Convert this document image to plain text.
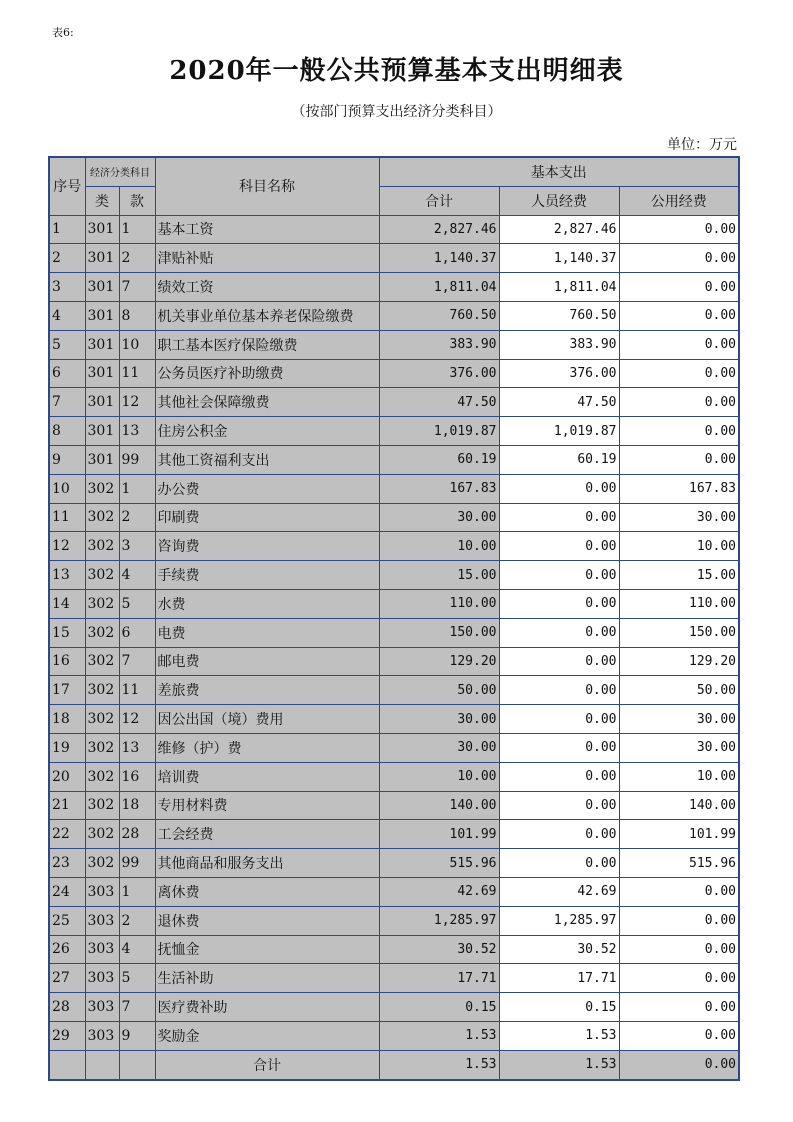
表6:
2020年一般公共预算基本支出明细表
（按部门预算支出经济分类科目）
单位：万元
序号	经济分类科目		科目名称	基本支出		
	类	款		合计	人员经费	公用经费
1	301	1	基本工资	2,827.46	2,827.46	0.00
2	301	2	津贴补贴	1,140.37	1,140.37	0.00
3	301	7	绩效工资	1,811.04	1,811.04	0.00
4	301	8	机关事业单位基本养老保险缴费	760.50	760.50	0.00
5	301	10	职工基本医疗保险缴费	383.90	383.90	0.00
6	301	11	公务员医疗补助缴费	376.00	376.00	0.00
7	301	12	其他社会保障缴费	47.50	47.50	0.00
8	301	13	住房公积金	1,019.87	1,019.87	0.00
9	301	99	其他工资福利支出	60.19	60.19	0.00
10	302	1	办公费	167.83	0.00	167.83
11	302	2	印刷费	30.00	0.00	30.00
12	302	3	咨询费	10.00	0.00	10.00
13	302	4	手续费	15.00	0.00	15.00
14	302	5	水费	110.00	0.00	110.00
15	302	6	电费	150.00	0.00	150.00
16	302	7	邮电费	129.20	0.00	129.20
17	302	11	差旅费	50.00	0.00	50.00
18	302	12	因公出国（境）费用	30.00	0.00	30.00
19	302	13	维修（护）费	30.00	0.00	30.00
20	302	16	培训费	10.00	0.00	10.00
21	302	18	专用材料费	140.00	0.00	140.00
22	302	28	工会经费	101.99	0.00	101.99
23	302	99	其他商品和服务支出	515.96	0.00	515.96
24	303	1	离休费	42.69	42.69	0.00
25	303	2	退休费	1,285.97	1,285.97	0.00
26	303	4	抚恤金	30.52	30.52	0.00
27	303	5	生活补助	17.71	17.71	0.00
28	303	7	医疗费补助	0.15	0.15	0.00
29	303	9	奖励金	1.53	1.53	0.00
			合计	1.53	1.53	0.00
